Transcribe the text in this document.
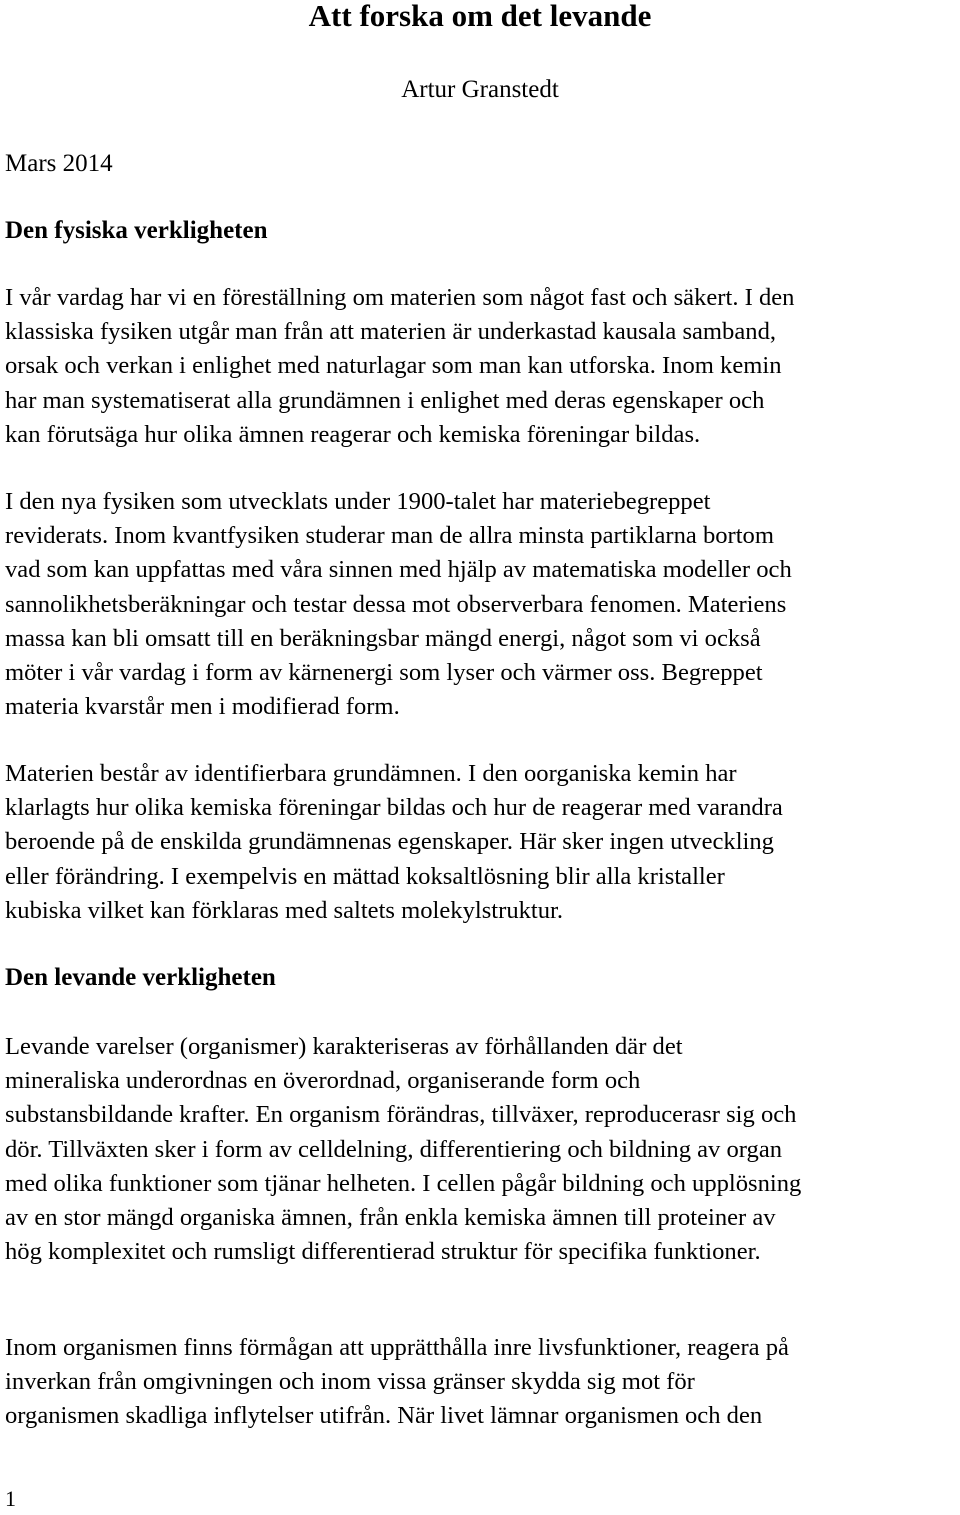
Att forska om det levande

Artur Granstedt

Mars 2014

Den fysiska verkligheten

I vår vardag har vi en föreställning om materien som något fast och säkert. I den
klassiska fysiken utgår man från att materien är underkastad kausala samband,
orsak och verkan i enlighet med naturlagar som man kan utforska. Inom kemin
har man systematiserat alla grundämnen i enlighet med deras egenskaper och
kan förutsäga hur olika ämnen reagerar och kemiska föreningar bildas.

I den nya fysiken som utvecklats under 1900-talet har materiebegreppet
reviderats. Inom kvantfysiken studerar man de allra minsta partiklarna bortom
vad som kan uppfattas med våra sinnen med hjälp av matematiska modeller och
sannolikhetsberäkningar och testar dessa mot observerbara fenomen. Materiens
massa kan bli omsatt till en beräkningsbar mängd energi, något som vi också
möter i vår vardag i form av kärnenergi som lyser och värmer oss. Begreppet
materia kvarstår men i modifierad form.

Materien består av identifierbara grundämnen. I den oorganiska kemin har
klarlagts hur olika kemiska föreningar bildas och hur de reagerar med varandra
beroende på de enskilda grundämnenas egenskaper. Här sker ingen utveckling
eller förändring. I exempelvis en mättad koksaltlösning blir alla kristaller
kubiska vilket kan förklaras med saltets molekylstruktur.

Den levande verkligheten

Levande varelser (organismer) karakteriseras av förhållanden där det
mineraliska underordnas en överordnad, organiserande form och
substansbildande krafter. En organism förändras, tillväxer, reproducerasr sig och
dör. Tillväxten sker i form av celldelning, differentiering och bildning av organ
med olika funktioner som tjänar helheten. I cellen pågår bildning och upplösning
av en stor mängd organiska ämnen, från enkla kemiska ämnen till proteiner av
hög komplexitet och rumsligt differentierad struktur för specifika funktioner.

Inom organismen finns förmågan att upprätthålla inre livsfunktioner, reagera på
inverkan från omgivningen och inom vissa gränser skydda sig mot för
organismen skadliga inflytelser utifrån. När livet lämnar organismen och den

1
